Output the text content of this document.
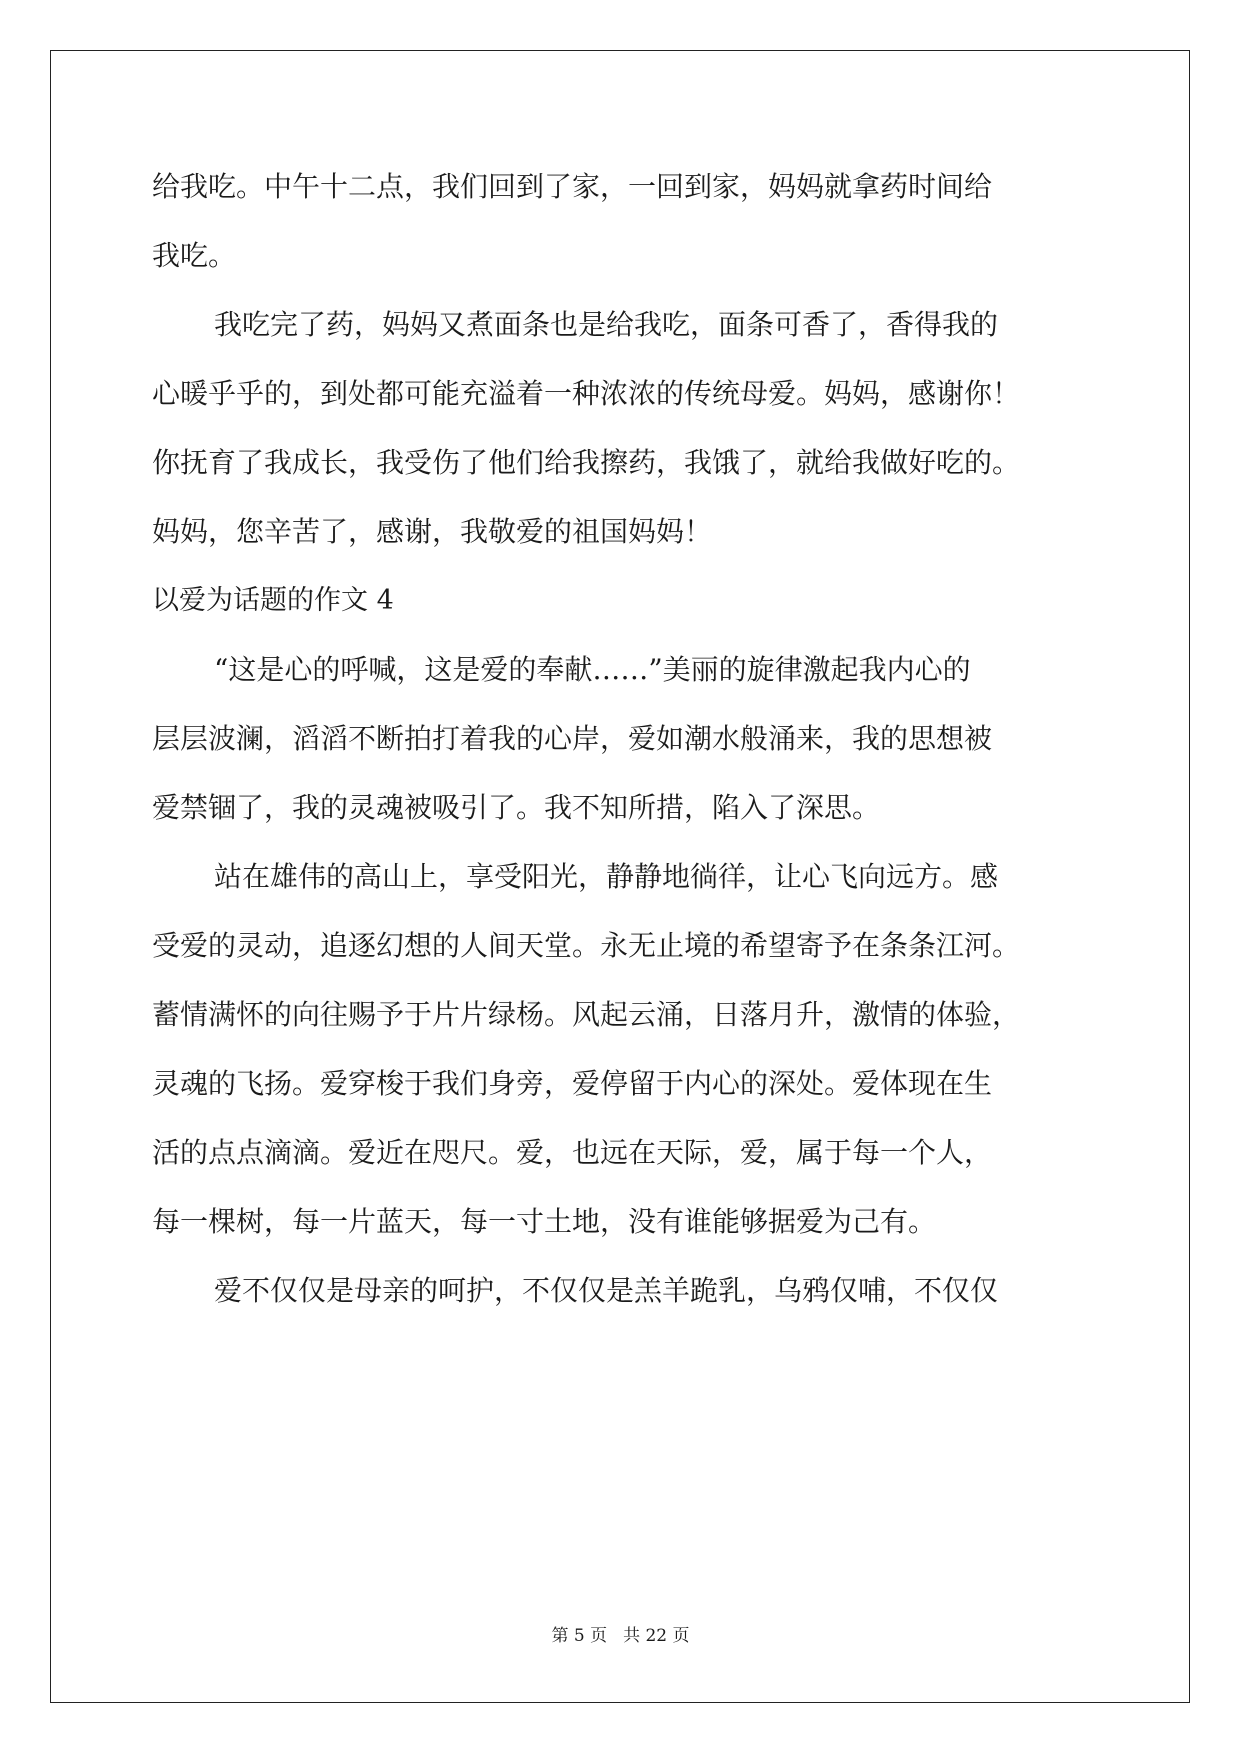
给我吃。中午十二点，我们回到了家，一回到家，妈妈就拿药时间给
我吃。
我吃完了药，妈妈又煮面条也是给我吃，面条可香了，香得我的
心暖乎乎的，到处都可能充溢着一种浓浓的传统母爱。妈妈，感谢你！
你抚育了我成长，我受伤了他们给我擦药，我饿了，就给我做好吃的。
妈妈，您辛苦了，感谢，我敬爱的祖国妈妈！
以爱为话题的作文 4
“这是心的呼喊，这是爱的奉献……”美丽的旋律激起我内心的
层层波澜，滔滔不断拍打着我的心岸，爱如潮水般涌来，我的思想被
爱禁锢了，我的灵魂被吸引了。我不知所措，陷入了深思。
站在雄伟的高山上，享受阳光，静静地徜徉，让心飞向远方。感
受爱的灵动，追逐幻想的人间天堂。永无止境的希望寄予在条条江河。
蓄情满怀的向往赐予于片片绿杨。风起云涌，日落月升，激情的体验，
灵魂的飞扬。爱穿梭于我们身旁，爱停留于内心的深处。爱体现在生
活的点点滴滴。爱近在咫尺。爱，也远在天际，爱，属于每一个人，
每一棵树，每一片蓝天，每一寸土地，没有谁能够据爱为己有。
爱不仅仅是母亲的呵护，不仅仅是羔羊跪乳，乌鸦仅哺，不仅仅
第 5 页 共 22 页
